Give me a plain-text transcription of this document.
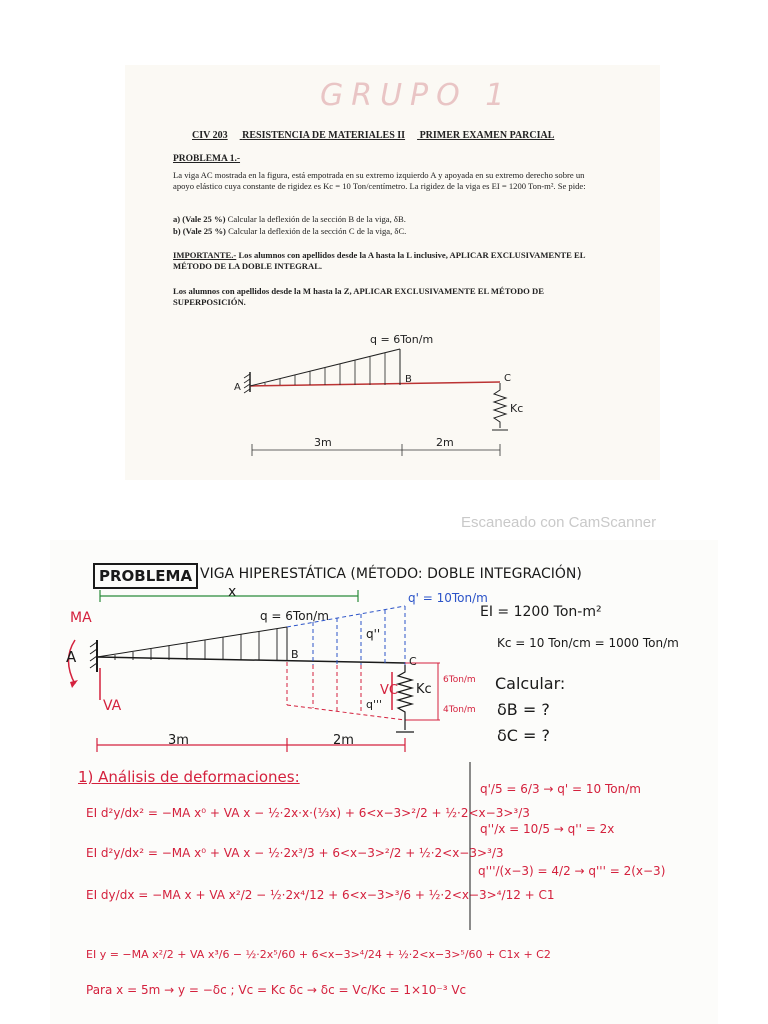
GRUPO 1
CIV 203 RESISTENCIA DE MATERIALES II PRIMER EXAMEN PARCIAL
PROBLEMA 1.-
La viga AC mostrada en la figura, está empotrada en su extremo izquierdo A y apoyada en su extremo derecho sobre un apoyo elástico cuya constante de rigidez es Kc = 10 Ton/centímetro. La rigidez de la viga es EI = 1200 Ton-m². Se pide:
a) (Vale 25 %) Calcular la deflexión de la sección B de la viga, δB.
b) (Vale 25 %) Calcular la deflexión de la sección C de la viga, δC.
IMPORTANTE.- Los alumnos con apellidos desde la A hasta la L inclusive, APLICAR EXCLUSIVAMENTE EL MÉTODO DE LA DOBLE INTEGRAL.
Los alumnos con apellidos desde la M hasta la Z, APLICAR EXCLUSIVAMENTE EL MÉTODO DE SUPERPOSICIÓN.
q = 6Ton/m
A
B	C
Kc
3m	2m
Escaneado con CamScanner
PROBLEMA VIGA HIPERESTÁTICA (MÉTODO: DOBLE INTEGRACIÓN)
x
MA
A
VA
q = 6Ton/m
q' = 10Ton/m
q''
q'''
B
C
VC Kc
6Ton/m
4Ton/m
3m	2m
EI = 1200 Ton-m²
Kc = 10 Ton/cm = 1000 Ton/m
Calcular:
δB = ?
δC = ?
1) Análisis de deformaciones:
EI d²y/dx² = −MA x⁰ + VA x − ½·2x·x·(⅓x) + 6<x−3>²/2 + ½·2<x−3>³/3
EI d²y/dx² = −MA x⁰ + VA x − ½·2x³/3 + 6<x−3>²/2 + ½·2<x−3>³/3
EI dy/dx = −MA x + VA x²/2 − ½·2x⁴/12 + 6<x−3>³/6 + ½·2<x−3>⁴/12 + C1
EI y = −MA x²/2 + VA x³/6 − ½·2x⁵/60 + 6<x−3>⁴/24 + ½·2<x−3>⁵/60 + C1x + C2
q'/5 = 6/3 → q' = 10 Ton/m
q''/x = 10/5 → q'' = 2x
q'''/(x−3) = 4/2 → q''' = 2(x−3)
Para x = 5m → y = −δc ; Vc = Kc δc → δc = Vc/Kc = 1×10⁻³ Vc
